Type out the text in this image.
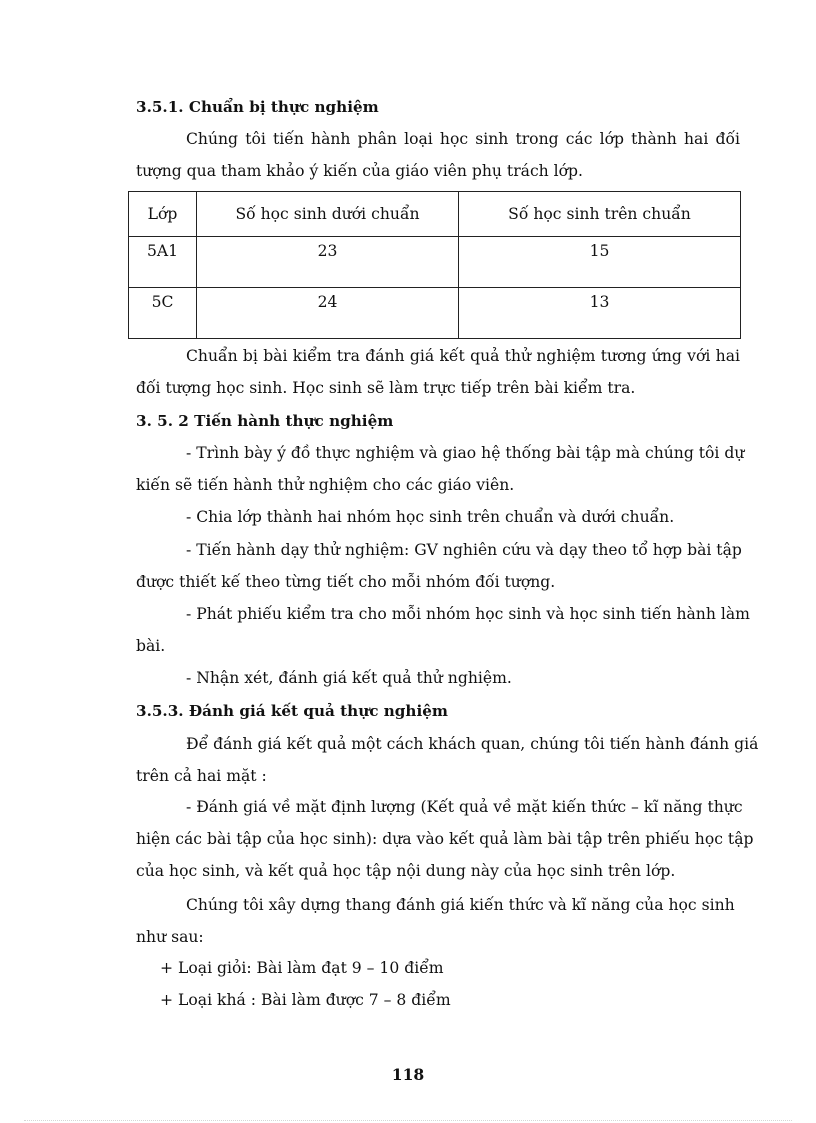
3.5.1. Chuẩn bị thực nghiệm

Chúng tôi tiến hành phân loại học sinh trong các lớp thành hai đối

tượng qua tham khảo ý kiến của giáo viên phụ trách lớp.

Lớp	Số học sinh dưới chuẩn	Số học sinh trên chuẩn
5A1	23	15
5C	24	13

Chuẩn bị bài kiểm tra đánh giá kết quả thử nghiệm tương ứng với hai

đối tượng học sinh. Học sinh sẽ làm trực tiếp trên bài kiểm tra.

3. 5. 2 Tiến hành thực nghiệm

- Trình bày ý đồ thực nghiệm và giao hệ thống bài tập mà chúng tôi dự

kiến sẽ tiến hành thử nghiệm cho các giáo viên.

- Chia lớp thành hai nhóm học sinh trên chuẩn và dưới chuẩn.

- Tiến hành dạy thử nghiệm: GV nghiên cứu và dạy theo tổ hợp bài tập

được thiết kế theo từng tiết cho mỗi nhóm đối tượng.

- Phát phiếu kiểm tra cho mỗi nhóm học sinh và học sinh tiến hành làm

bài.

- Nhận xét, đánh giá kết quả thử nghiệm.

3.5.3. Đánh giá kết quả thực nghiệm

Để đánh giá kết quả một cách khách quan, chúng tôi tiến hành đánh giá

trên cả hai mặt :

- Đánh giá về mặt định lượng (Kết quả về mặt kiến thức – kĩ năng thực

hiện các bài tập của học sinh): dựa vào kết quả làm bài tập trên phiếu học tập

của học sinh, và kết quả học tập nội dung này của học sinh trên lớp.

Chúng tôi xây dựng thang đánh giá kiến thức và kĩ năng của học sinh

như sau:

+ Loại giỏi: Bài làm đạt 9 – 10 điểm

+ Loại khá : Bài làm được 7 – 8 điểm

118
